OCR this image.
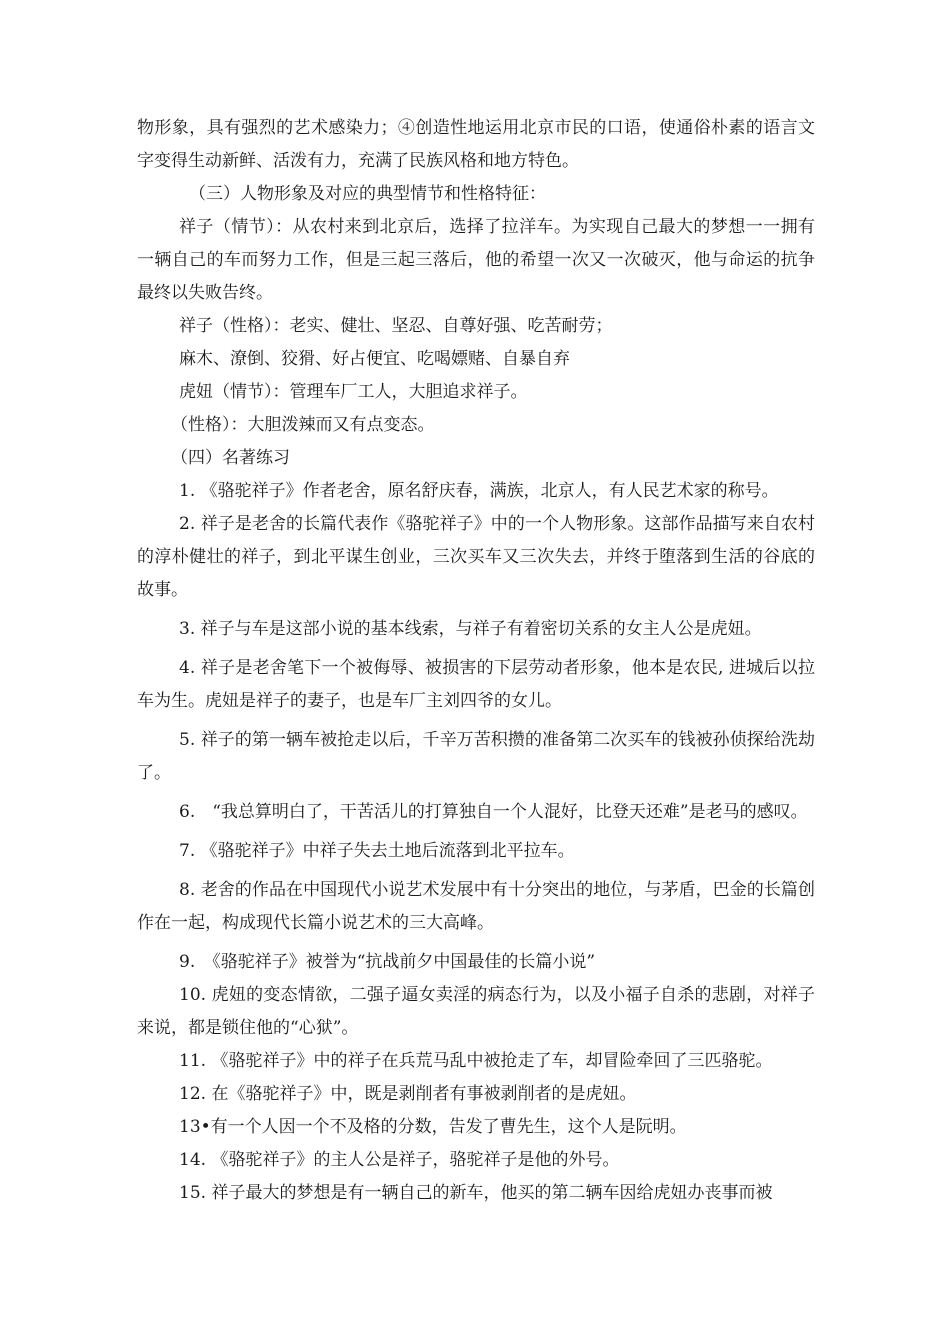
物形象，具有强烈的艺术感染力；④创造性地运用北京市民的口语，使通俗朴素的语言文字变得生动新鲜、活泼有力，充满了民族风格和地方特色。

（三）人物形象及对应的典型情节和性格特征：

祥子（情节）：从农村来到北京后，选择了拉洋车。为实现自己最大的梦想一一拥有一辆自己的车而努力工作，但是三起三落后，他的希望一次又一次破灭，他与命运的抗争最终以失败告终。

祥子（性格）：老实、健壮、坚忍、自尊好强、吃苦耐劳；

麻木、潦倒、狡猾、好占便宜、吃喝嫖赌、自暴自弃

虎妞（情节）：管理车厂工人，大胆追求祥子。

（性格）：大胆泼辣而又有点变态。

（四）名著练习

1. 《骆驼祥子》作者老舍，原名舒庆春，满族，北京人，有人民艺术家的称号。

2. 祥子是老舍的长篇代表作《骆驼祥子》中的一个人物形象。这部作品描写来自农村的淳朴健壮的祥子，到北平谋生创业，三次买车又三次失去，并终于堕落到生活的谷底的故事。

3. 祥子与车是这部小说的基本线索，与祥子有着密切关系的女主人公是虎妞。

4. 祥子是老舍笔下一个被侮辱、被损害的下层劳动者形象，他本是农民, 进城后以拉车为生。虎妞是祥子的妻子，也是车厂主刘四爷的女儿。

5. 祥子的第一辆车被抢走以后，千辛万苦积攒的准备第二次买车的钱被孙侦探给洗劫了。

6.　“我总算明白了，干苦活儿的打算独自一个人混好，比登天还难”是老马的感叹。

7. 《骆驼祥子》中祥子失去土地后流落到北平拉车。

8. 老舍的作品在中国现代小说艺术发展中有十分突出的地位，与茅盾，巴金的长篇创作在一起，构成现代长篇小说艺术的三大高峰。

9.　《骆驼祥子》被誉为“抗战前夕中国最佳的长篇小说”

10. 虎妞的变态情欲，二强子逼女卖淫的病态行为，以及小福子自杀的悲剧，对祥子来说，都是锁住他的“心狱”。

11. 《骆驼祥子》中的祥子在兵荒马乱中被抢走了车，却冒险牵回了三匹骆驼。

12. 在《骆驼祥子》中，既是剥削者有事被剥削者的是虎妞。

13•有一个人因一个不及格的分数，告发了曹先生，这个人是阮明。

14. 《骆驼祥子》的主人公是祥子，骆驼祥子是他的外号。

15. 祥子最大的梦想是有一辆自己的新车，他买的第二辆车因给虎妞办丧事而被
